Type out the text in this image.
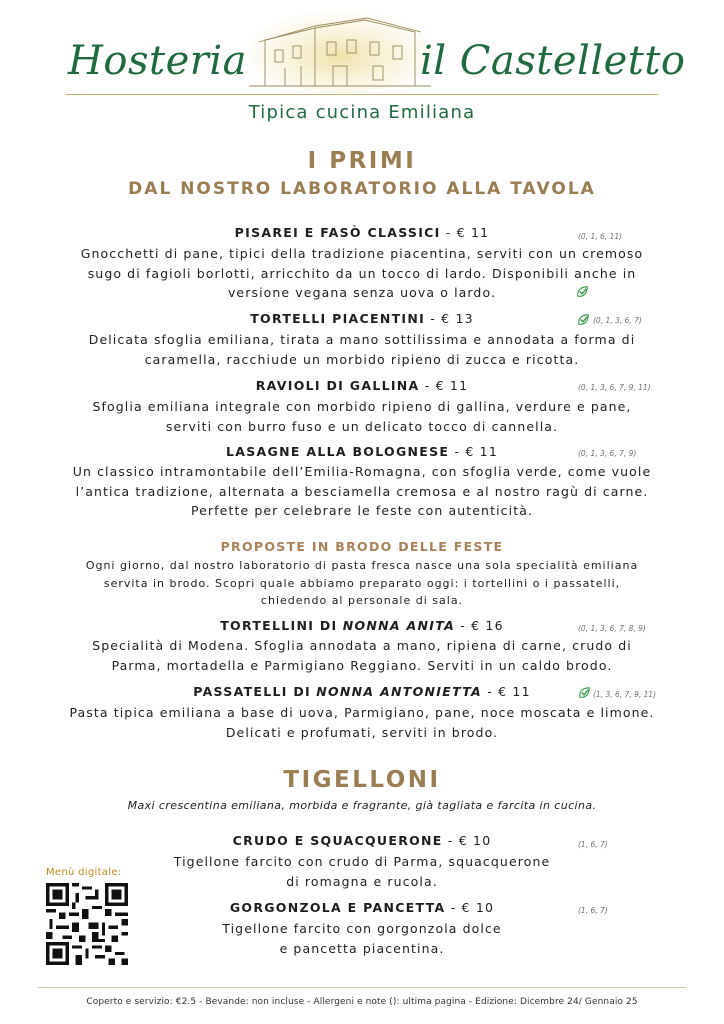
Hosteria	il Castelletto
Tipica cucina Emiliana
I PRIMI
DAL NOSTRO LABORATORIO ALLA TAVOLA
PISAREI E FASÒ CLASSICI - € 11	(0, 1, 6, 11)
Gnocchetti di pane, tipici della tradizione piacentina, serviti con un cremoso
sugo di fagioli borlotti, arricchito da un tocco di lardo. Disponibili anche in
versione vegana senza uova o lardo.
TORTELLI PIACENTINI - € 13	(0, 1, 3, 6, 7)
Delicata sfoglia emiliana, tirata a mano sottilissima e annodata a forma di
caramella, racchiude un morbido ripieno di zucca e ricotta.
RAVIOLI DI GALLINA - € 11	(0, 1, 3, 6, 7, 9, 11)
Sfoglia emiliana integrale con morbido ripieno di gallina, verdure e pane,
serviti con burro fuso e un delicato tocco di cannella.
LASAGNE ALLA BOLOGNESE - € 11	(0, 1, 3, 6, 7, 9)
Un classico intramontabile dell’Emilia-Romagna, con sfoglia verde, come vuole
l’antica tradizione, alternata a besciamella cremosa e al nostro ragù di carne.
Perfette per celebrare le feste con autenticità.
PROPOSTE IN BRODO DELLE FESTE
Ogni giorno, dal nostro laboratorio di pasta fresca nasce una sola specialità emiliana
servita in brodo. Scopri quale abbiamo preparato oggi: i tortellini o i passatelli,
chiedendo al personale di sala.
TORTELLINI DI NONNA ANITA - € 16	(0, 1, 3, 6, 7, 8, 9)
Specialità di Modena. Sfoglia annodata a mano, ripiena di carne, crudo di
Parma, mortadella e Parmigiano Reggiano. Serviti in un caldo brodo.
PASSATELLI DI NONNA ANTONIETTA - € 11	(1, 3, 6, 7, 9, 11)
Pasta tipica emiliana a base di uova, Parmigiano, pane, noce moscata e limone.
Delicati e profumati, serviti in brodo.
TIGELLONI
Maxi crescentina emiliana, morbida e fragrante, già tagliata e farcita in cucina.
CRUDO E SQUACQUERONE - € 10	(1, 6, 7)
Tigellone farcito con crudo di Parma, squacquerone
di romagna e rucola.
GORGONZOLA E PANCETTA - € 10	(1, 6, 7)
Tigellone farcito con gorgonzola dolce
e pancetta piacentina.
Menù digitale:
Coperto e servizio: €2.5 - Bevande: non incluse - Allergeni e note (): ultima pagina - Edizione: Dicembre 24/ Gennaio 25
